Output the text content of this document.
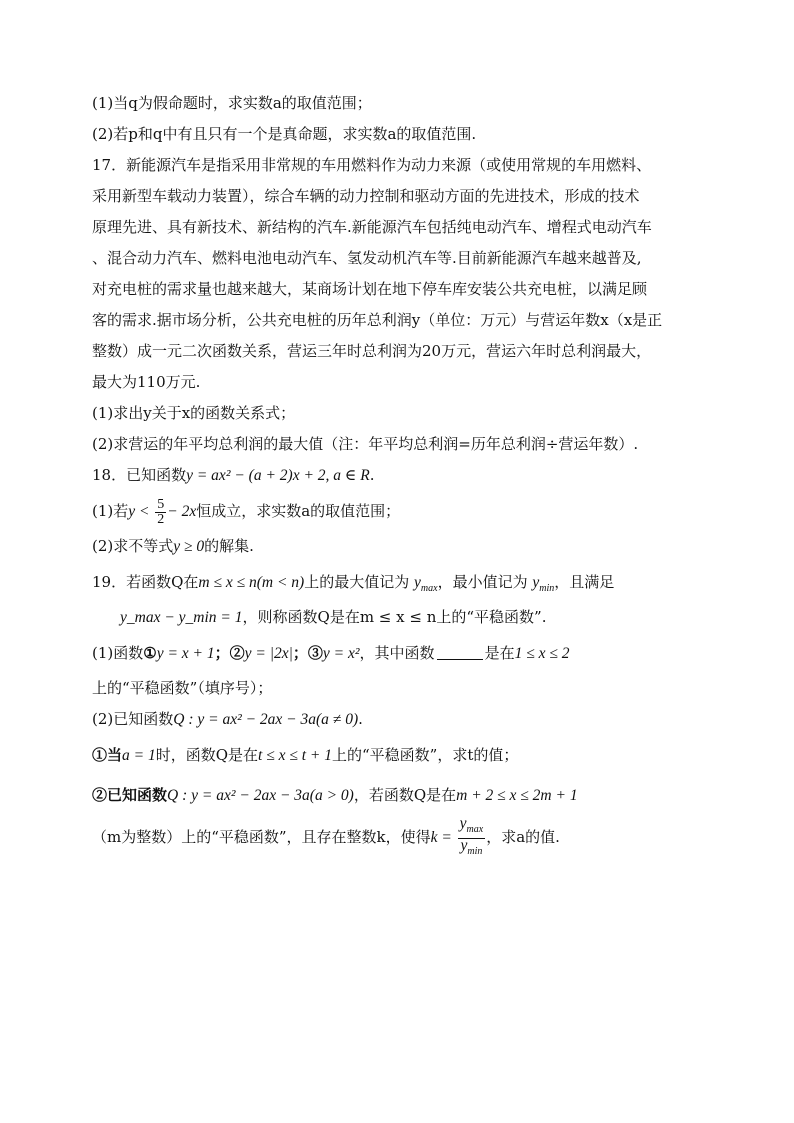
(1)当q为假命题时，求实数a的取值范围；
(2)若p和q中有且只有一个是真命题，求实数a的取值范围.
17．新能源汽车是指采用非常规的车用燃料作为动力来源（或使用常规的车用燃料、
采用新型车载动力装置），综合车辆的动力控制和驱动方面的先进技术，形成的技术
原理先进、具有新技术、新结构的汽车.新能源汽车包括纯电动汽车、增程式电动汽车
、混合动力汽车、燃料电池电动汽车、氢发动机汽车等.目前新能源汽车越来越普及,
对充电桩的需求量也越来越大，某商场计划在地下停车库安装公共充电桩，以满足顾
客的需求.据市场分析，公共充电桩的历年总利润y（单位：万元）与营运年数x（x是正
整数）成一元二次函数关系，营运三年时总利润为20万元，营运六年时总利润最大，
最大为110万元.
(1)求出y关于x的函数关系式；
(2)求营运的年平均总利润的最大值（注：年平均总利润=历年总利润÷营运年数）.
18．已知函数y = ax² − (a + 2)x + 2, a ∈ R.
(1)若$y < \frac{5}{2} - 2x$恒成立，求实数a的取值范围；
(2)求不等式y ≥ 0的解集.
19．若函数Q在m ≤ x ≤ n(m < n)上的最大值记为 $y_{max}$，最小值记为 $y_{min}$，且满足
y_max − y_min = 1，则称函数Q是在m ≤ x ≤ n上的“平稳函数”.
(1)函数①y = x + 1；②y = |2x|；③y = x²，其中函数	是在1 ≤ x ≤ 2
上的“平稳函数”（填序号）；
(2)已知函数Q : y = ax² − 2ax − 3a(a ≠ 0).
①当a = 1时，函数Q是在t ≤ x ≤ t + 1上的“平稳函数”，求t的值；
②已知函数Q : y = ax² − 2ax − 3a(a > 0)，若函数Q是在m + 2 ≤ x ≤ 2m + 1
（m为整数）上的“平稳函数”，且存在整数k，使得$k = \frac{y_{max}}{y_{min}}$ ，求a的值.
